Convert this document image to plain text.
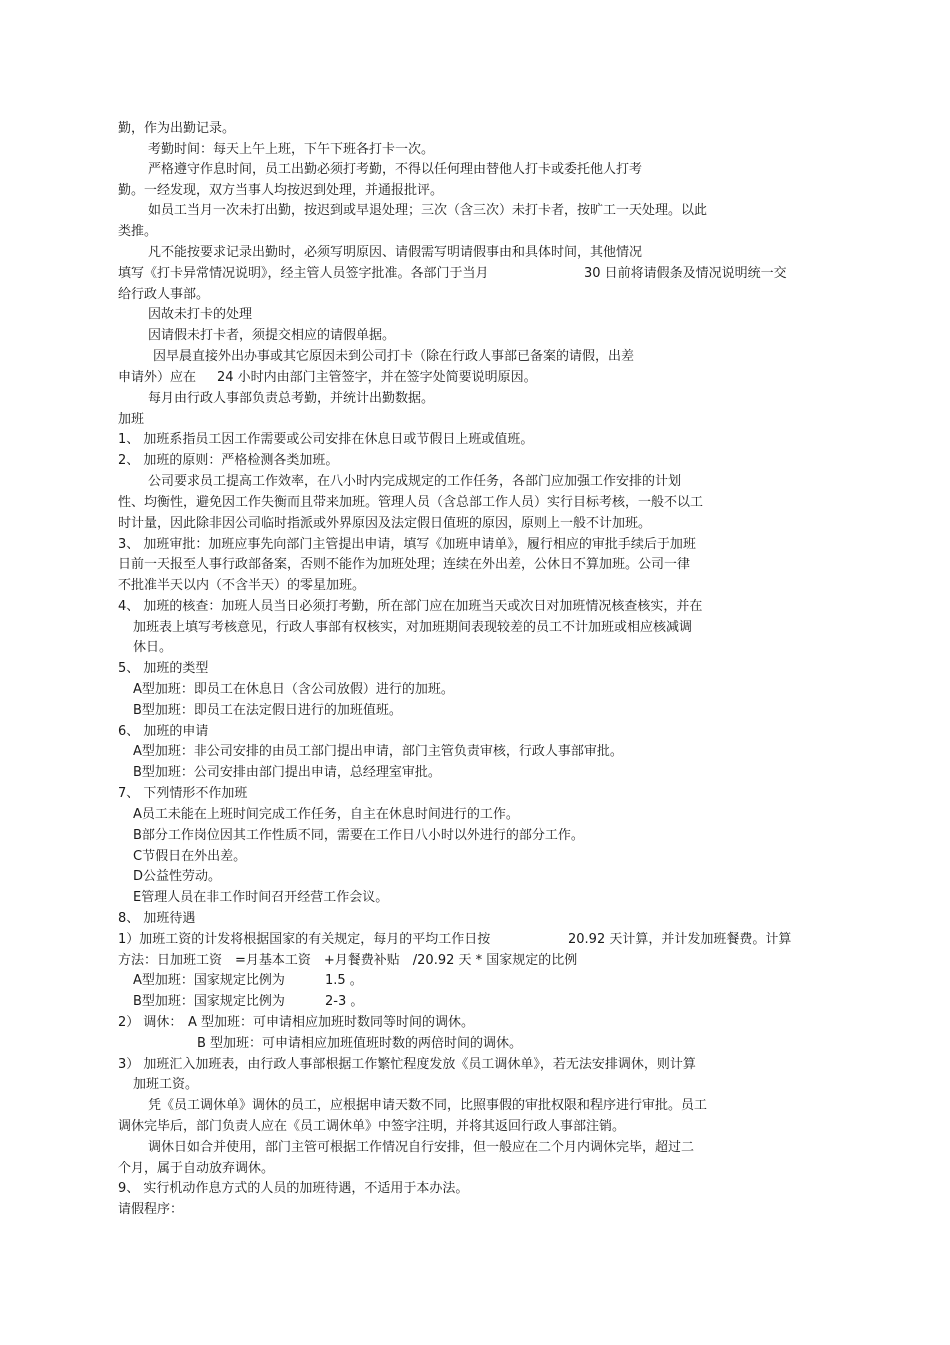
勤，作为出勤记录。
考勤时间：每天上午上班，下午下班各打卡一次。
严格遵守作息时间，员工出勤必须打考勤，不得以任何理由替他人打卡或委托他人打考
勤。一经发现，双方当事人均按迟到处理，并通报批评。
如员工当月一次未打出勤，按迟到或早退处理；三次（含三次）未打卡者，按旷工一天处理。以此
类推。
凡不能按要求记录出勤时，必须写明原因、请假需写明请假事由和具体时间，其他情况
填写《打卡异常情况说明》，经主管人员签字批准。各部门于当月	30 日前将请假条及情况说明统一交
给行政人事部。
因故未打卡的处理
因请假未打卡者，须提交相应的请假单据。
因早晨直接外出办事或其它原因未到公司打卡（除在行政人事部已备案的请假，出差
申请外）应在 24 小时内由部门主管签字，并在签字处简要说明原因。
每月由行政人事部负责总考勤，并统计出勤数据。
加班
1、 加班系指员工因工作需要或公司安排在休息日或节假日上班或值班。
2、 加班的原则：严格检测各类加班。
公司要求员工提高工作效率，在八小时内完成规定的工作任务，各部门应加强工作安排的计划
性、均衡性，避免因工作失衡而且带来加班。管理人员（含总部工作人员）实行目标考核，一般不以工
时计量，因此除非因公司临时指派或外界原因及法定假日值班的原因，原则上一般不计加班。
3、 加班审批：加班应事先向部门主管提出申请，填写《加班申请单》，履行相应的审批手续后于加班
日前一天报至人事行政部备案，否则不能作为加班处理；连续在外出差，公休日不算加班。公司一律
不批准半天以内（不含半天）的零星加班。
4、 加班的核查：加班人员当日必须打考勤，所在部门应在加班当天或次日对加班情况核查核实，并在
加班表上填写考核意见，行政人事部有权核实，对加班期间表现较差的员工不计加班或相应核减调
休日。
5、 加班的类型
A型加班：即员工在休息日（含公司放假）进行的加班。
B型加班：即员工在法定假日进行的加班值班。
6、 加班的申请
A型加班：非公司安排的由员工部门提出申请，部门主管负责审核，行政人事部审批。
B型加班：公司安排由部门提出申请，总经理室审批。
7、 下列情形不作加班
A员工未能在上班时间完成工作任务，自主在休息时间进行的工作。
B部分工作岗位因其工作性质不同，需要在工作日八小时以外进行的部分工作。
C节假日在外出差。
D公益性劳动。
E管理人员在非工作时间召开经营工作会议。
8、 加班待遇
1）加班工资的计发将根据国家的有关规定，每月的平均工作日按	20.92 天计算，并计发加班餐费。计算
方法：日加班工资　=月基本工资　+月餐费补贴　/20.92 天 * 国家规定的比例
A型加班：国家规定比例为	1.5 。
B型加班：国家规定比例为	2-3 。
2） 调休： A 型加班：可申请相应加班时数同等时间的调休。
B 型加班：可申请相应加班值班时数的两倍时间的调休。
3） 加班汇入加班表，由行政人事部根据工作繁忙程度发放《员工调休单》，若无法安排调休，则计算
加班工资。
凭《员工调休单》调休的员工，应根据申请天数不同，比照事假的审批权限和程序进行审批。员工
调休完毕后，部门负责人应在《员工调休单》中签字注明，并将其返回行政人事部注销。
调休日如合并使用，部门主管可根据工作情况自行安排，但一般应在二个月内调休完毕，超过二
个月，属于自动放弃调休。
9、 实行机动作息方式的人员的加班待遇，不适用于本办法。
请假程序：
